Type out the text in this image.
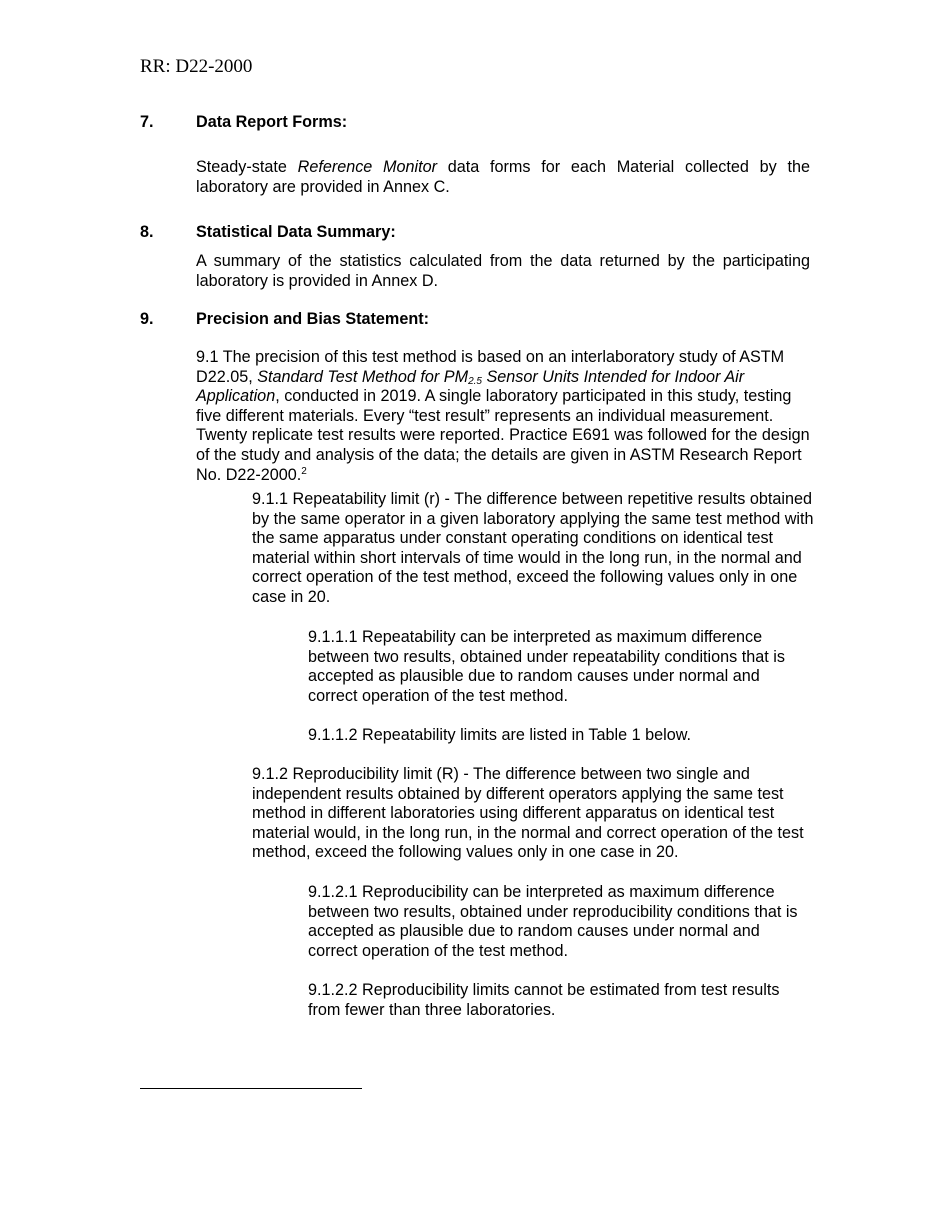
RR: D22-2000
7.	Data Report Forms:
Steady-state Reference Monitor data forms for each Material collected by the laboratory are provided in Annex C.
8.	Statistical Data Summary:
A summary of the statistics calculated from the data returned by the participating laboratory is provided in Annex D.
9.	Precision and Bias Statement:
9.1 The precision of this test method is based on an interlaboratory study of ASTM D22.05, Standard Test Method for $PM_{2.5}$ Sensor Units Intended for Indoor Air Application, conducted in 2019. A single laboratory participated in this study, testing five different materials. Every “test result” represents an individual measurement. Twenty replicate test results were reported. Practice E691 was followed for the design of the study and analysis of the data; the details are given in ASTM Research Report No. D22-2000.$^2$
9.1.1 Repeatability limit (r) - The difference between repetitive results obtained by the same operator in a given laboratory applying the same test method with the same apparatus under constant operating conditions on identical test material within short intervals of time would in the long run, in the normal and correct operation of the test method, exceed the following values only in one case in 20.
9.1.1.1 Repeatability can be interpreted as maximum difference between two results, obtained under repeatability conditions that is accepted as plausible due to random causes under normal and correct operation of the test method.
9.1.1.2 Repeatability limits are listed in Table 1 below.
9.1.2 Reproducibility limit (R) - The difference between two single and independent results obtained by different operators applying the same test method in different laboratories using different apparatus on identical test material would, in the long run, in the normal and correct operation of the test method, exceed the following values only in one case in 20.
9.1.2.1 Reproducibility can be interpreted as maximum difference between two results, obtained under reproducibility conditions that is accepted as plausible due to random causes under normal and correct operation of the test method.
9.1.2.2 Reproducibility limits cannot be estimated from test results from fewer than three laboratories.
